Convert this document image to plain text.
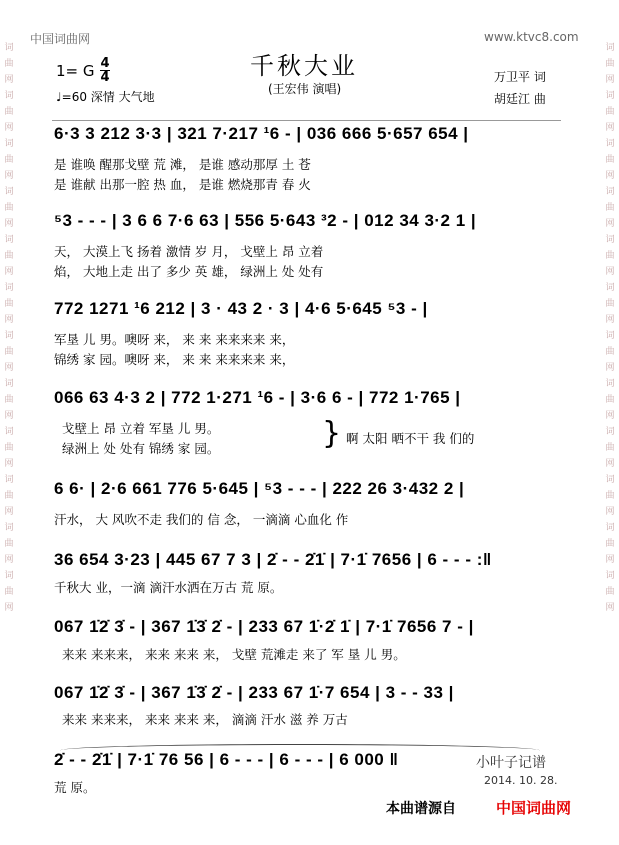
中国词曲网	www.ktvc8.com
词曲网词曲网词曲网词曲网词曲网词曲网词曲网词曲网词曲网词曲网词曲网词曲网
词曲网词曲网词曲网词曲网词曲网词曲网词曲网词曲网词曲网词曲网词曲网词曲网
千秋大业
(王宏伟 演唱)
1= G 4
4
♩=60 深情 大气地
万卫平 词
胡廷江 曲
6·3 3 212 3·3 | 321 7·217 ¹6 - | 036 666 5·657 654 |
是 谁唤 醒那戈壁 荒 滩， 是谁 感动那厚 土 苍
是 谁献 出那一腔 热 血， 是谁 燃烧那青 春 火
⁵3 - - - | 3 6 6 7·6 63 | 556 5·643 ³2 - | 012 34 3·2 1 |
天， 大漠上飞 扬着 激情 岁 月， 戈壁上 昂 立着
焰， 大地上走 出了 多少 英 雄， 绿洲上 处 处有
772 1271 ¹6 212 | 3 · 43 2 · 3 | 4·6 5·645 ⁵3 - |
军垦 儿 男。噢呀 来， 来 来 来来来来 来，
锦绣 家 园。噢呀 来， 来 来 来来来来 来，
066 63 4·3 2 | 772 1·271 ¹6 - | 3·6 6 - | 772 1·765 |
戈壁上 昂 立着 军垦 儿 男。
绿洲上 处 处有 锦绣 家 园。	} 啊 太阳 晒不干 我 们的
6 6· | 2·6 661 776 5·645 | ⁵3 - - - | 222 26 3·432 2 |
汗水， 大 风吹不走 我们的 信 念， 一滴滴 心血化 作
36 654 3·23 | 445 67 7 3 | 2̇ - - 2̇1̇ | 7·1̇ 7656 | 6 - - - :‖
千秋大 业，一滴 滴汗水洒在万古 荒 原。
067 1̇2̇ 3̇ - | 367 1̇3̇ 2̇ - | 233 67 1̇·2̇ 1̇ | 7·1̇ 7656 7 - |
来来 来来来， 来来 来来 来， 戈壁 荒滩走 来了 军 垦 儿 男。
067 1̇2̇ 3̇ - | 367 1̇3̇ 2̇ - | 233 67 1̇·7 654 | 3 - - 33 |
来来 来来来， 来来 来来 来， 滴滴 汗水 滋 养 万古
2̇ - - 2̇1̇ | 7·1̇ 76 56 | 6 - - - | 6 - - - | 6 000 ‖
荒 原。
小叶子记谱
2014. 10. 28.
本曲谱源自	中国词曲网
